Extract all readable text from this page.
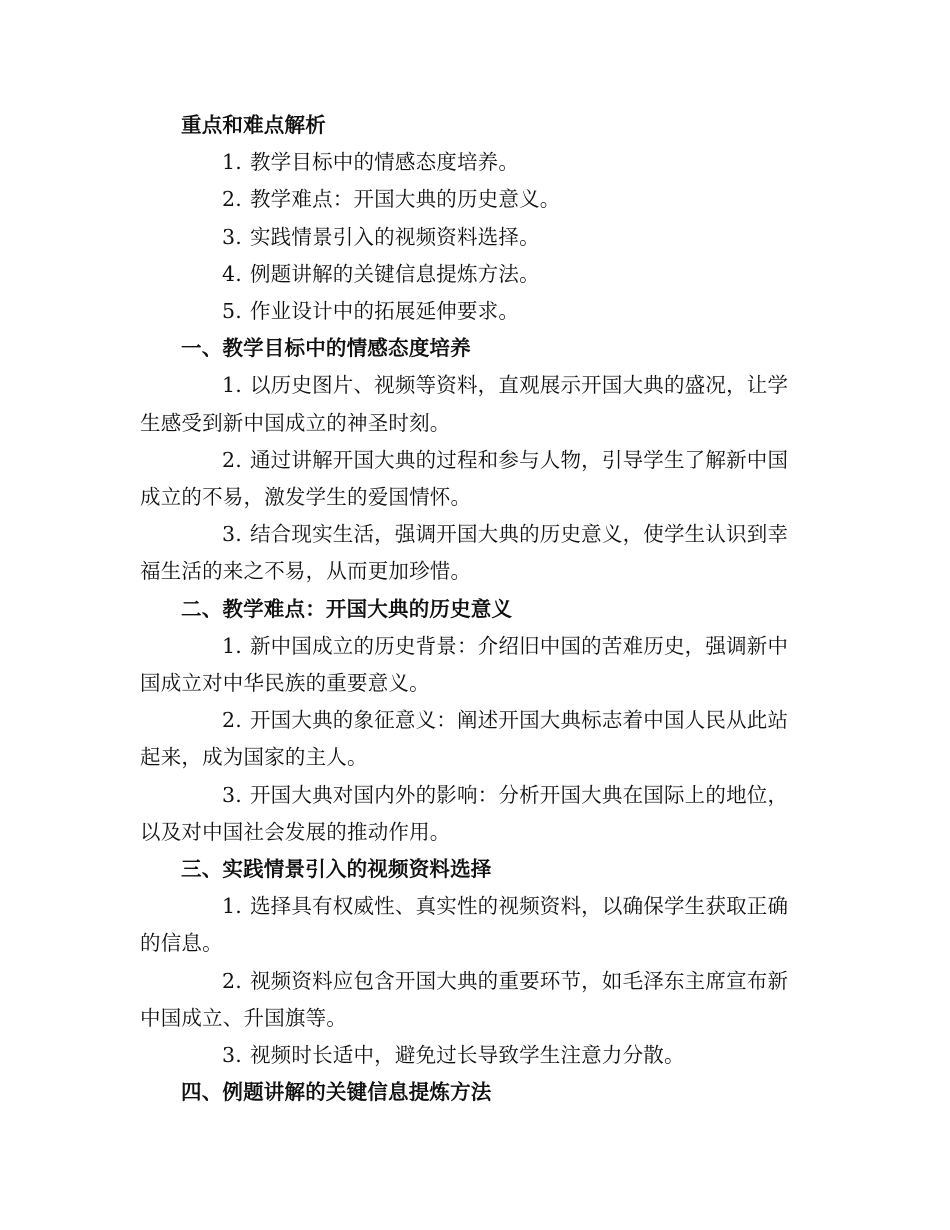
重点和难点解析

1. 教学目标中的情感态度培养。

2. 教学难点：开国大典的历史意义。

3. 实践情景引入的视频资料选择。

4. 例题讲解的关键信息提炼方法。

5. 作业设计中的拓展延伸要求。

一、教学目标中的情感态度培养

1. 以历史图片、视频等资料，直观展示开国大典的盛况，让学生感受到新中国成立的神圣时刻。

2. 通过讲解开国大典的过程和参与人物，引导学生了解新中国成立的不易，激发学生的爱国情怀。

3. 结合现实生活，强调开国大典的历史意义，使学生认识到幸福生活的来之不易，从而更加珍惜。

二、教学难点：开国大典的历史意义

1. 新中国成立的历史背景：介绍旧中国的苦难历史，强调新中国成立对中华民族的重要意义。

2. 开国大典的象征意义：阐述开国大典标志着中国人民从此站起来，成为国家的主人。

3. 开国大典对国内外的影响：分析开国大典在国际上的地位，以及对中国社会发展的推动作用。

三、实践情景引入的视频资料选择

1. 选择具有权威性、真实性的视频资料，以确保学生获取正确的信息。

2. 视频资料应包含开国大典的重要环节，如毛泽东主席宣布新中国成立、升国旗等。

3. 视频时长适中，避免过长导致学生注意力分散。

四、例题讲解的关键信息提炼方法
